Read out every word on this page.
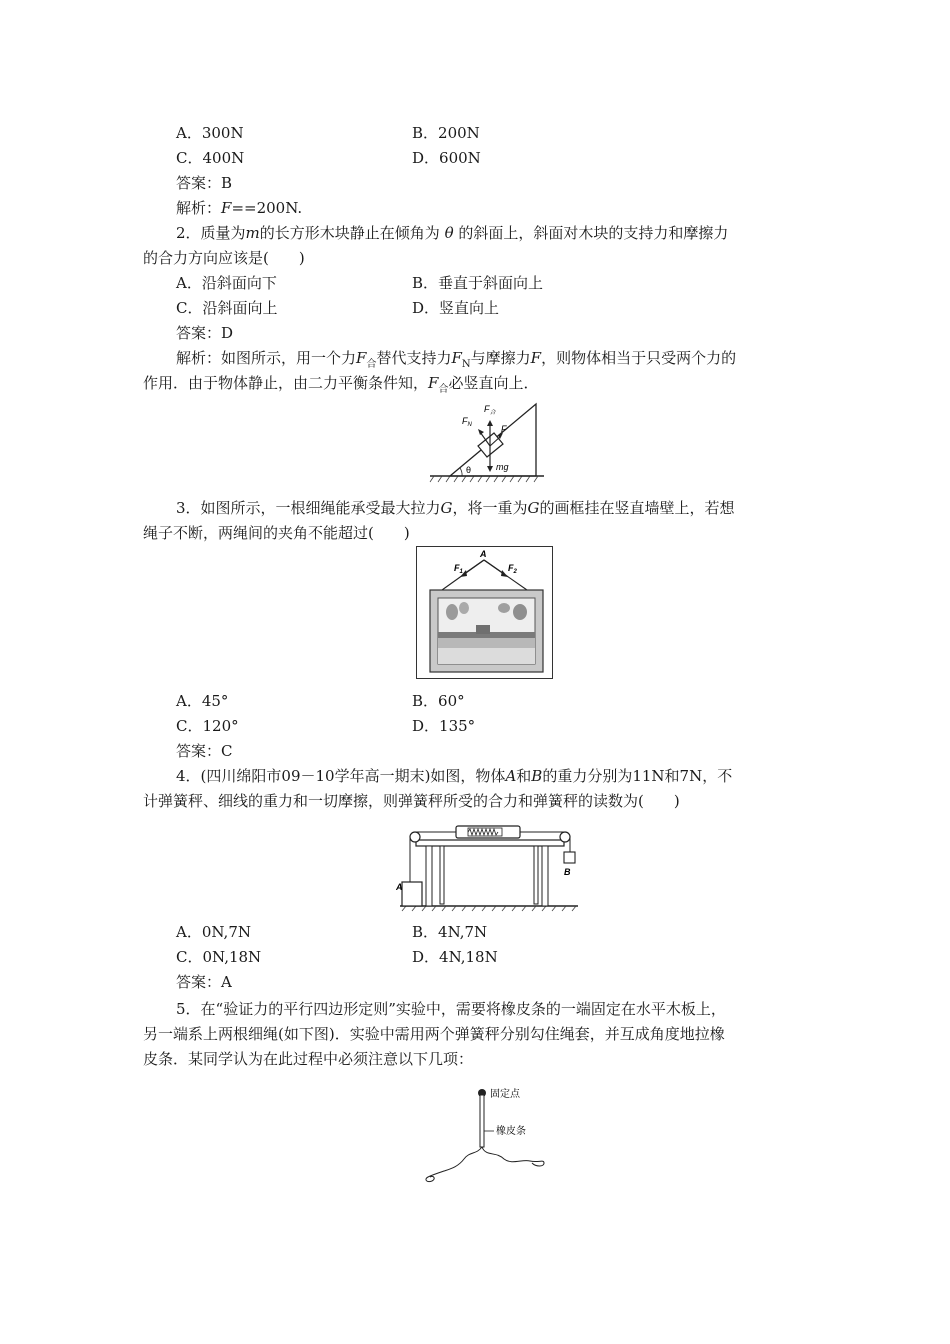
A．300N	B．200N
C．400N	D．600N
答案：B
解析：F==200N.
2．质量为m的长方形木块静止在倾角为 θ 的斜面上，斜面对木块的支持力和摩擦力
的合力方向应该是(　　)
A．沿斜面向下	B．垂直于斜面向上
C．沿斜面向上	D．竖直向上
答案：D
解析：如图所示，用一个力$F_合$替代支持力$F_N$与摩擦力F，则物体相当于只受两个力的
作用．由于物体静止，由二力平衡条件知，$F_合$必竖直向上．
$F_N$
$F_合$
F
mg
θ
3．如图所示，一根细绳能承受最大拉力G，将一重为G的画框挂在竖直墙壁上，若想
绳子不断，两绳间的夹角不能超过(　　)
A
$F_1$	$F_2$
A．45°	B．60°
C．120°	D．135°
答案：C
4．(四川绵阳市09－10学年高一期末)如图，物体A和B的重力分别为11N和7N，不
计弹簧秤、细线的重力和一切摩擦，则弹簧秤所受的合力和弹簧秤的读数为(　　)
A
B
A．0N,7N	B．4N,7N
C．0N,18N	D．4N,18N
答案：A
5．在“验证力的平行四边形定则”实验中，需要将橡皮条的一端固定在水平木板上，
另一端系上两根细绳(如下图)．实验中需用两个弹簧秤分别勾住绳套，并互成角度地拉橡
皮条．某同学认为在此过程中必须注意以下几项：
固定点
橡皮条
